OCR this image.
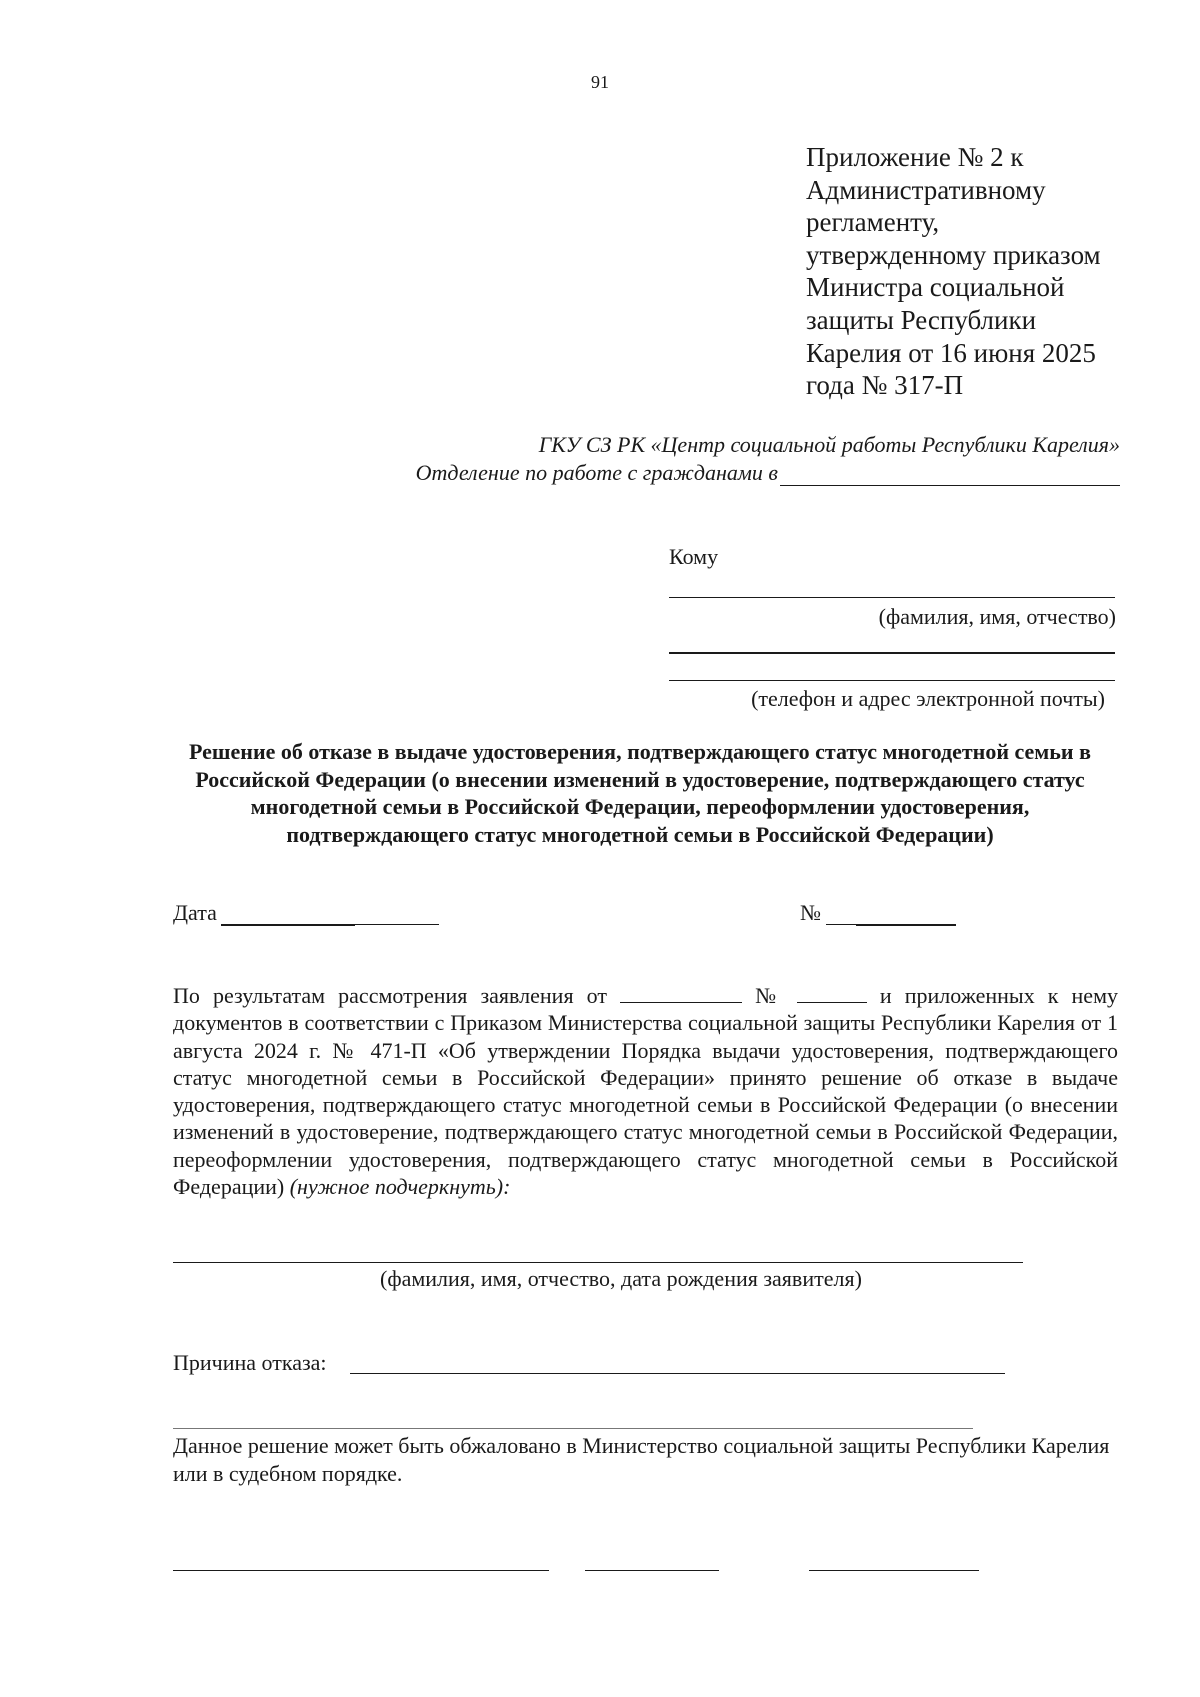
91
Приложение № 2 к
Административному
регламенту,
утвержденному приказом
Министра социальной
защиты Республики
Карелия от 16 июня 2025
года № 317-П
ГКУ СЗ РК «Центр социальной работы Республики Карелия»
Отделение по работе с гражданами в
Кому
(фамилия, имя, отчество)
(телефон и адрес электронной почты)
Решение об отказе в выдаче удостоверения, подтверждающего статус многодетной семьи в Российской Федерации (о внесении изменений в удостоверение, подтверждающего статус многодетной семьи в Российской Федерации, переоформлении удостоверения, подтверждающего статус многодетной семьи в Российской Федерации)
Дата	№
По результатам рассмотрения заявления от	№	и приложенных к нему документов в соответствии с Приказом Министерства социальной защиты Республики Карелия от 1 августа 2024 г. № 471-П «Об утверждении Порядка выдачи удостоверения, подтверждающего статус многодетной семьи в Российской Федерации» принято решение об отказе в выдаче удостоверения, подтверждающего статус многодетной семьи в Российской Федерации (о внесении изменений в удостоверение, подтверждающего статус многодетной семьи в Российской Федерации, переоформлении удостоверения, подтверждающего статус многодетной семьи в Российской Федерации) (нужное подчеркнуть):
(фамилия, имя, отчество, дата рождения заявителя)
Причина отказа:
Данное решение может быть обжаловано в Министерство социальной защиты Республики Карелия или в судебном порядке.
